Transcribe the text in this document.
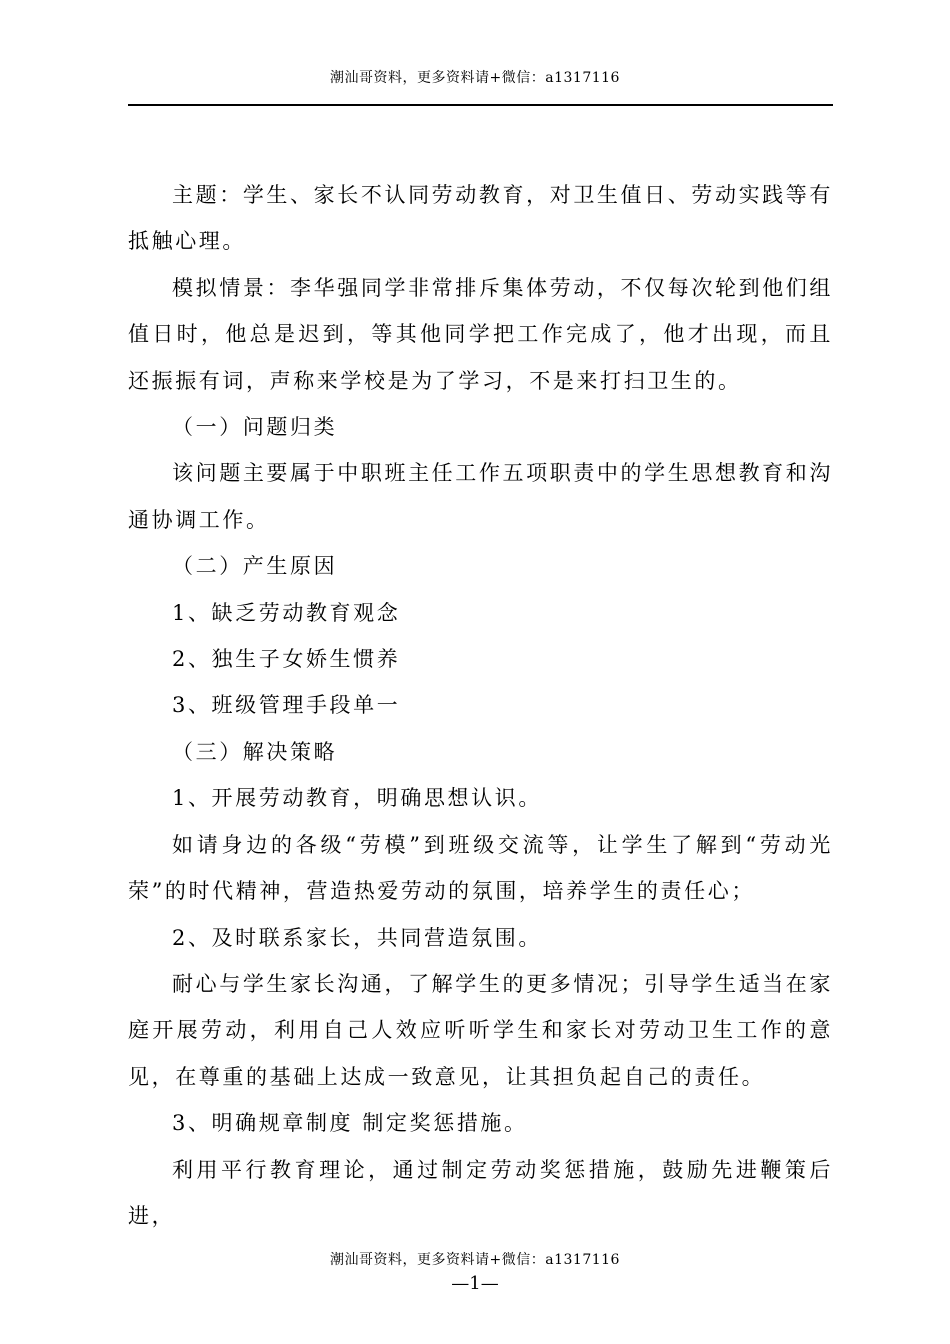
潮汕哥资料，更多资料请+微信：a1317116

主题：学生、家长不认同劳动教育，对卫生值日、劳动实践等有抵触心理。

模拟情景：李华强同学非常排斥集体劳动，不仅每次轮到他们组值日时，他总是迟到，等其他同学把工作完成了，他才出现，而且还振振有词，声称来学校是为了学习，不是来打扫卫生的。

（一）问题归类

该问题主要属于中职班主任工作五项职责中的学生思想教育和沟通协调工作。

（二）产生原因

1、缺乏劳动教育观念

2、独生子女娇生惯养

3、班级管理手段单一

（三）解决策略

1、开展劳动教育，明确思想认识。

如请身边的各级“劳模”到班级交流等，让学生了解到“劳动光荣”的时代精神，营造热爱劳动的氛围，培养学生的责任心；

2、及时联系家长，共同营造氛围。

耐心与学生家长沟通，了解学生的更多情况；引导学生适当在家庭开展劳动，利用自己人效应听听学生和家长对劳动卫生工作的意见，在尊重的基础上达成一致意见，让其担负起自己的责任。

3、明确规章制度 制定奖惩措施。

利用平行教育理论，通过制定劳动奖惩措施，鼓励先进鞭策后进，

潮汕哥资料，更多资料请+微信：a1317116
—1—
